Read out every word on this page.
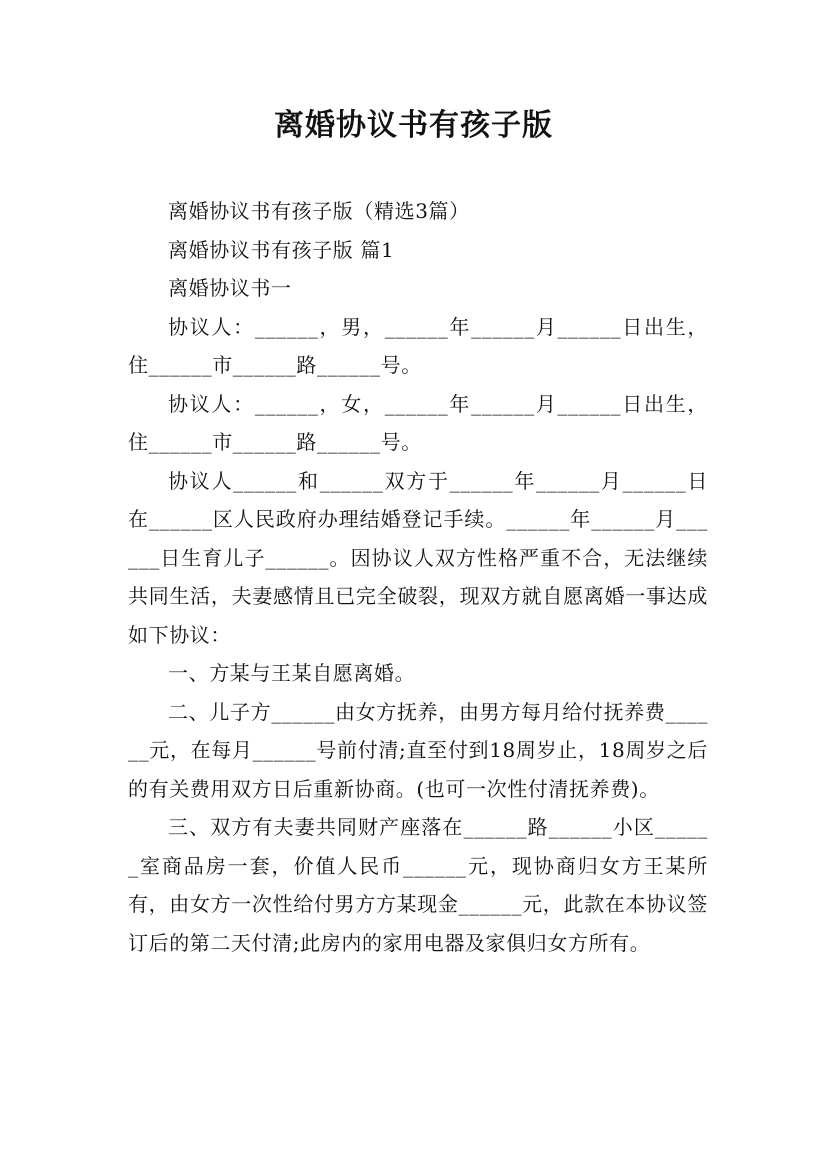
离婚协议书有孩子版

离婚协议书有孩子版（精选3篇）

离婚协议书有孩子版 篇1

离婚协议书一

协议人：______，男，______年______月______日出生，住______市______路______号。

协议人：______，女，______年______月______日出生，住______市______路______号。

协议人______和______双方于______年______月______日在______区人民政府办理结婚登记手续。______年______月______日生育儿子______。因协议人双方性格严重不合，无法继续共同生活，夫妻感情且已完全破裂，现双方就自愿离婚一事达成如下协议：

一、方某与王某自愿离婚。

二、儿子方______由女方抚养，由男方每月给付抚养费______元，在每月______号前付清;直至付到18周岁止，18周岁之后的有关费用双方日后重新协商。(也可一次性付清抚养费)。

三、双方有夫妻共同财产座落在______路______小区______室商品房一套，价值人民币______元，现协商归女方王某所有，由女方一次性给付男方方某现金______元，此款在本协议签订后的第二天付清;此房内的家用电器及家俱归女方所有。
